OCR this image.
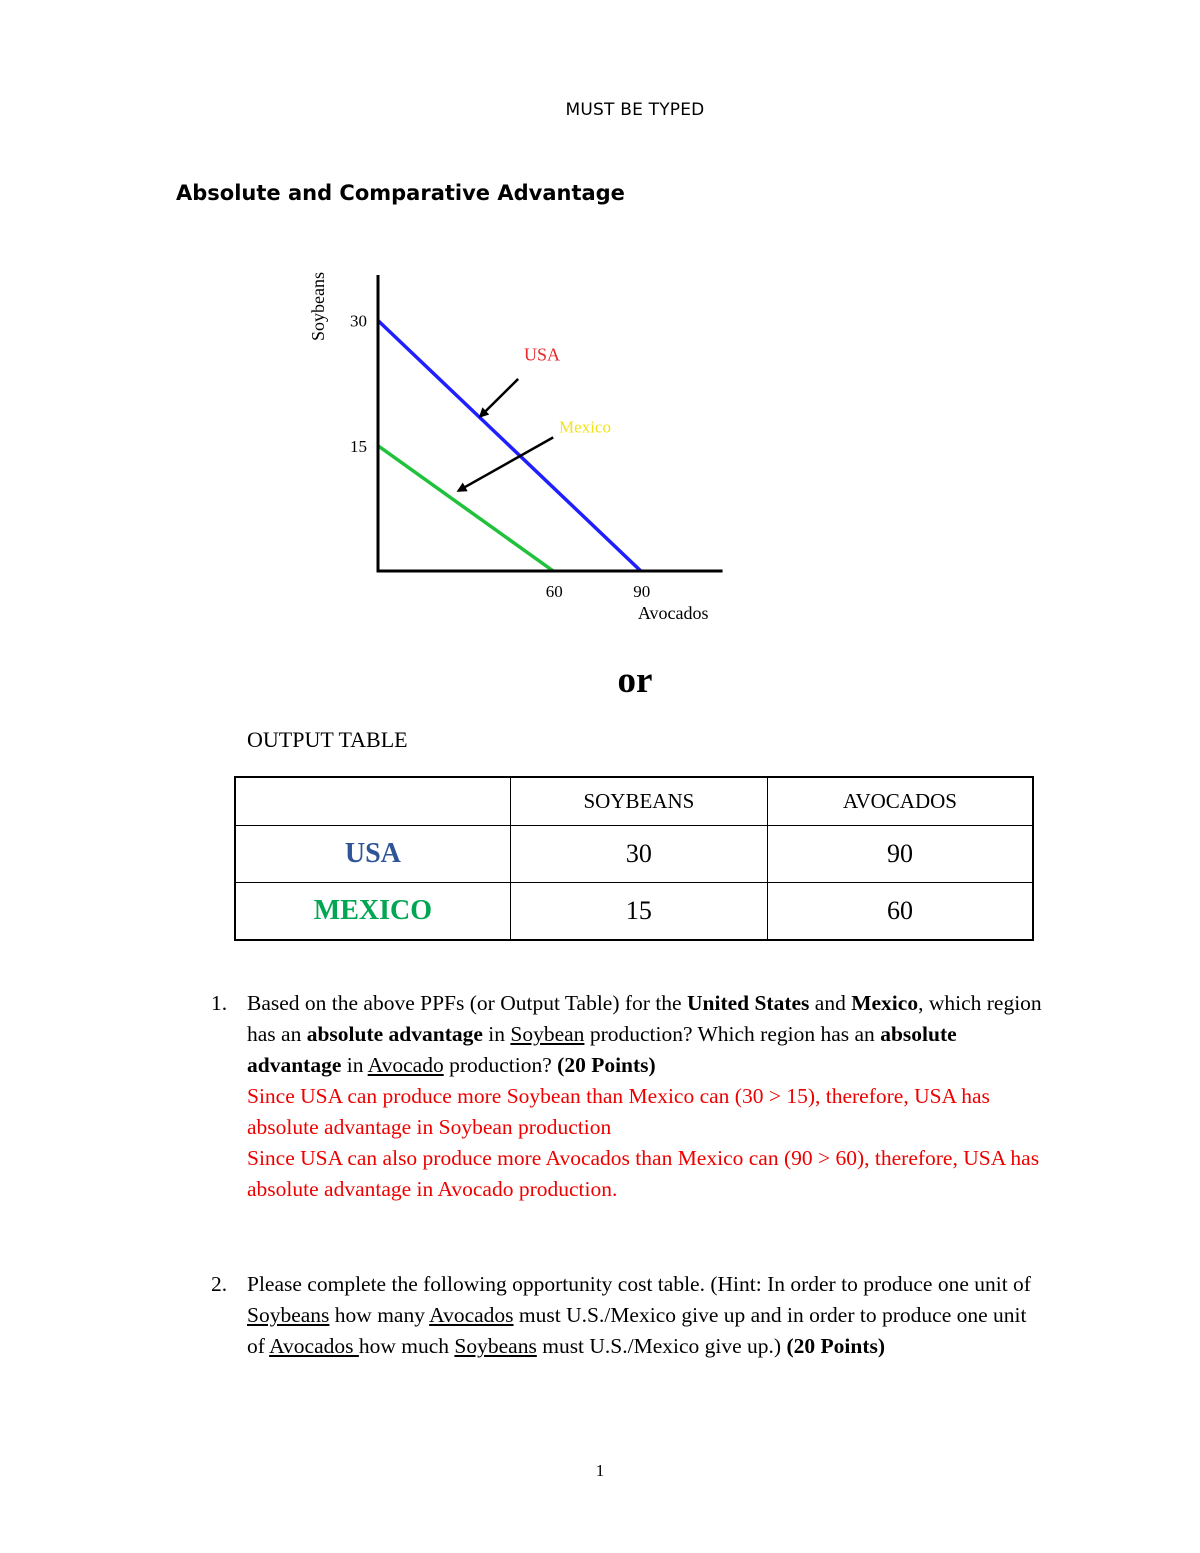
MUST BE TYPED
Absolute and Comparative Advantage
30
15
60	90
Avocados
Soybeans
USA
Mexico
or
OUTPUT TABLE
	SOYBEANS	AVOCADOS
USA	30	90
MEXICO	15	60
1. Based on the above PPFs (or Output Table) for the United States and Mexico, which region has an absolute advantage in Soybean production? Which region has an absolute advantage in Avocado production? (20 Points)
Since USA can produce more Soybean than Mexico can (30 > 15), therefore, USA has absolute advantage in Soybean production
Since USA can also produce more Avocados than Mexico can (90 > 60), therefore, USA has absolute advantage in Avocado production.
2. Please complete the following opportunity cost table. (Hint: In order to produce one unit of Soybeans how many Avocados must U.S./Mexico give up and in order to produce one unit of Avocados how much Soybeans must U.S./Mexico give up.) (20 Points)
1
